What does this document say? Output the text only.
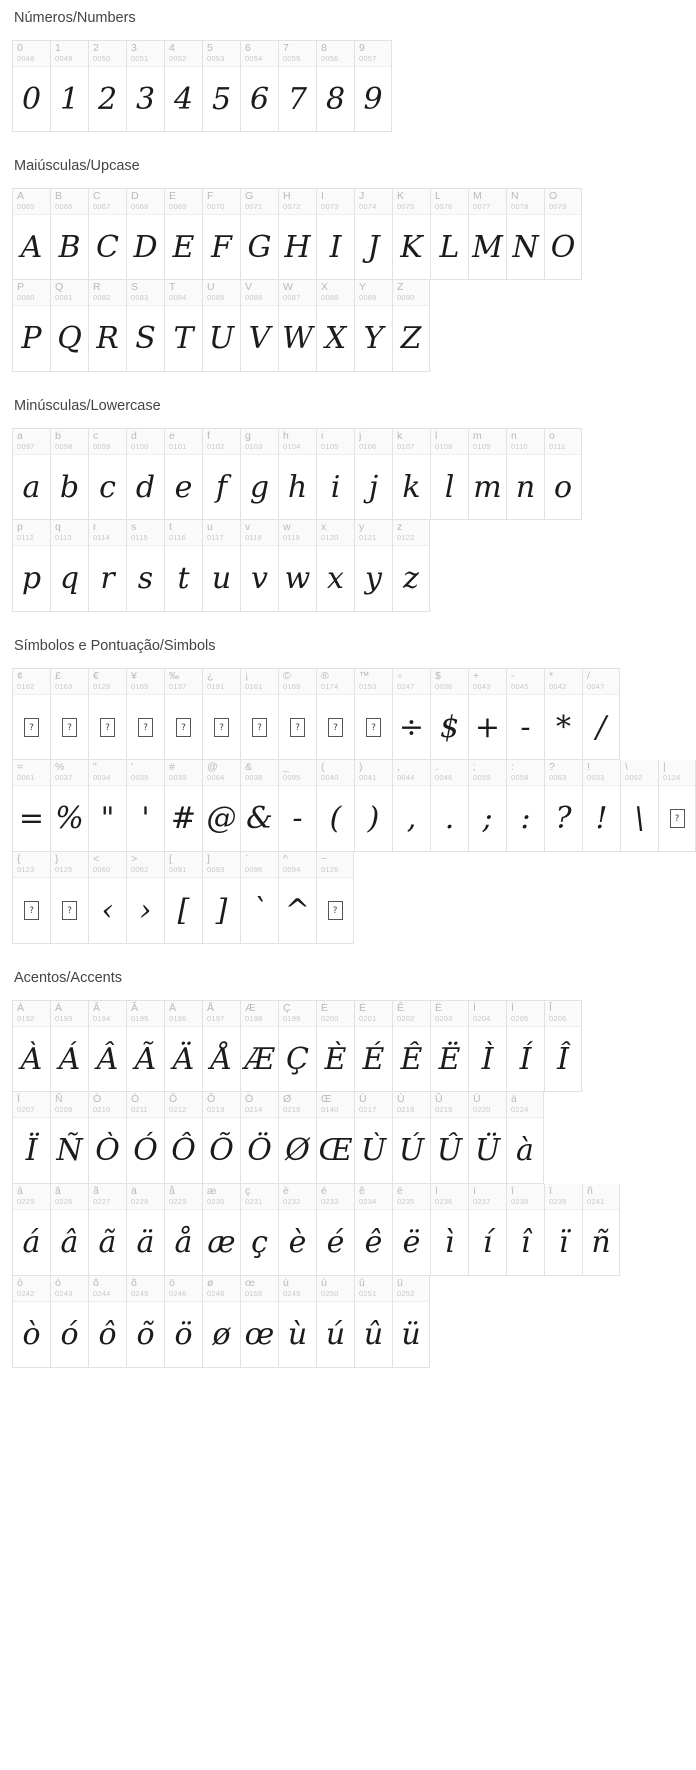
Números/Numbers
0
0048
0
1
0049
1
2
0050
2
3
0051
3
4
0052
4
5
0053
5
6
0054
6
7
0055
7
8
0056
8
9
0057
9
Maiúsculas/Upcase
A
0065
A
B
0066
B
C
0067
C
D
0068
D
E
0069
E
F
0070
F
G
0071
G
H
0072
H
I
0073
I
J
0074
J
K
0075
K
L
0076
L
M
0077
M
N
0078
N
O
0079
O
P
0080
P
Q
0081
Q
R
0082
R
S
0083
S
T
0084
T
U
0085
U
V
0086
V
W
0087
W
X
0088
X
Y
0089
Y
Z
0090
Z
Minúsculas/Lowercase
a
0097
a
b
0098
b
c
0099
c
d
0100
d
e
0101
e
f
0102
f
g
0103
g
h
0104
h
i
0105
i
j
0106
j
k
0107
k
l
0108
l
m
0109
m
n
0110
n
o
0111
o
p
0112
p
q
0113
q
r
0114
r
s
0115
s
t
0116
t
u
0117
u
v
0118
v
w
0119
w
x
0120
x
y
0121
y
z
0122
z
Símbolos e Pontuação/Simbols
¢
0162
?
£
0163
?
€
0128
?
¥
0165
?
‰
0137
?
¿
0191
?
¡
0161
?
©
0169
?
®
0174
?
™
0153
?
÷
0247
÷
$
0036
$
+
0043
+
-
0045
-
*
0042
*
/
0047
/
=
0061
=
%
0037
%
"
0034
"
'
0039
'
#
0035
#
@
0064
@
&
0038
&
_
0095
-
(
0040
(
)
0041
)
,
0044
,
.
0046
.
;
0059
;
:
0058
:
?
0063
?
!
0033
!
\
0092
\
|
0124
?
{
0123
?
}
0125
?
<
0060
‹
>
0062
›
[
0091
[
]
0093
]
`
0096
`
^
0094
^
~
0126
?
Acentos/Accents
À
0192
À
Á
0193
Á
Â
0194
Â
Ã
0195
Ã
Ä
0196
Ä
Å
0197
Å
Æ
0198
Æ
Ç
0199
Ç
È
0200
È
É
0201
É
Ê
0202
Ê
Ë
0203
Ë
Ì
0204
Ì
Í
0205
Í
Î
0206
Î
Ï
0207
Ï
Ñ
0209
Ñ
Ò
0210
Ò
Ó
0211
Ó
Ô
0212
Ô
Õ
0213
Õ
Ö
0214
Ö
Ø
0216
Ø
Œ
0140
Œ
Ù
0217
Ù
Ú
0218
Ú
Û
0219
Û
Ü
0220
Ü
à
0224
à
á
0225
á
â
0226
â
ã
0227
ã
ä
0228
ä
å
0229
å
æ
0230
æ
ç
0231
ç
è
0232
è
é
0233
é
ê
0234
ê
ë
0235
ë
ì
0236
ì
í
0237
í
î
0238
î
ï
0239
ï
ñ
0241
ñ
ò
0242
ò
ó
0243
ó
ô
0244
ô
õ
0245
õ
ö
0246
ö
ø
0248
ø
œ
0156
œ
ù
0249
ù
ú
0250
ú
û
0251
û
ü
0252
ü
